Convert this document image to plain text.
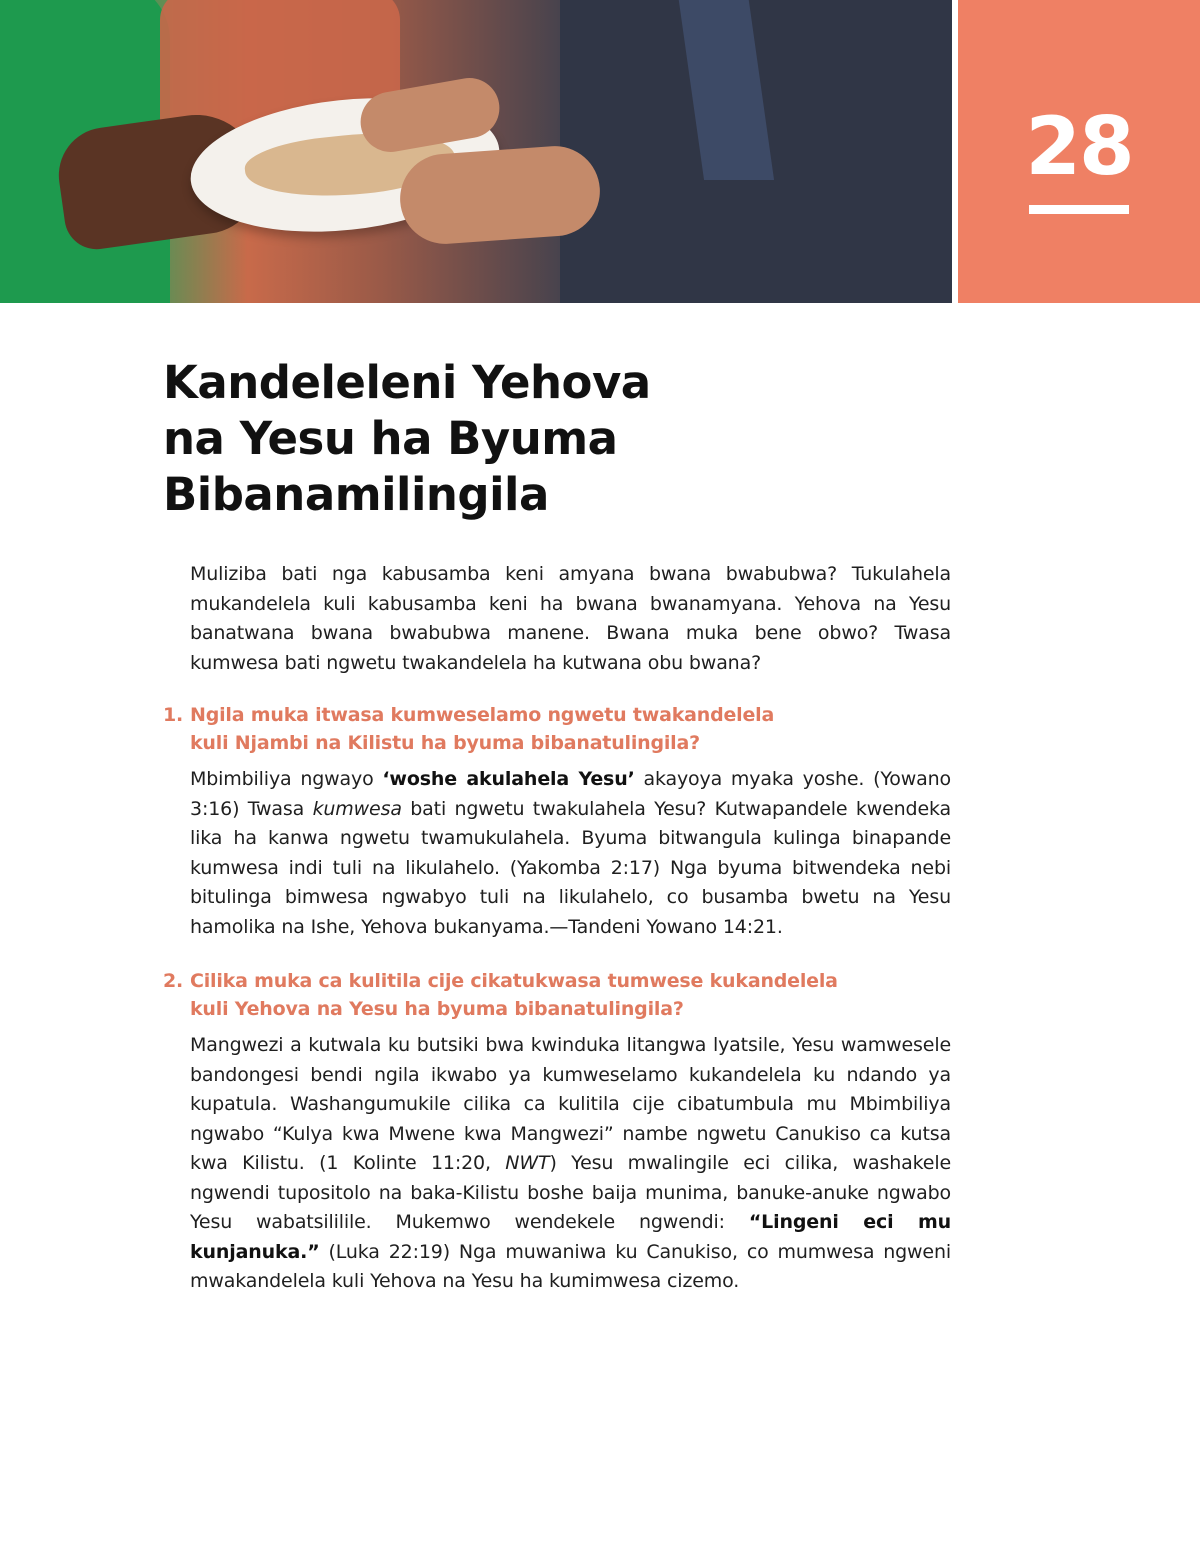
28
Kandeleleni Yehova
na Yesu ha Byuma
Bibanamilingila

Muliziba bati nga kabusamba keni amyana bwana bwabubwa? Tukulahela mukandelela kuli kabusamba keni ha bwana bwanamyana. Yehova na Yesu banatwana bwana bwabubwa manene. Bwana muka bene obwo? Twasa kumwesa bati ngwetu twakandelela ha kutwana obu bwana?

1. Ngila muka itwasa kumweselamo ngwetu twakandelela
kuli Njambi na Kilistu ha byuma bibanatulingila?

Mbimbiliya ngwayo ‘woshe akulahela Yesu’ akayoya myaka yoshe. (Yowano 3:16) Twasa kumwesa bati ngwetu twakulahela Yesu? Kutwapandele kwendeka lika ha kanwa ngwetu twamukulahela. Byuma bitwangula kulinga binapande kumwesa indi tuli na likulahelo. (Yakomba 2:17) Nga byuma bitwendeka nebi bitulinga bimwesa ngwabyo tuli na likulahelo, co busamba bwetu na Yesu hamolika na Ishe, Yehova bukanyama.—Tandeni Yowano 14:21.

2. Cilika muka ca kulitila cije cikatukwasa tumwese kukandelela
kuli Yehova na Yesu ha byuma bibanatulingila?

Mangwezi a kutwala ku butsiki bwa kwinduka litangwa lyatsile, Yesu wamwesele bandongesi bendi ngila ikwabo ya kumweselamo kukandelela ku ndando ya kupatula. Washangumukile cilika ca kulitila cije cibatumbula mu Mbimbiliya ngwabo “Kulya kwa Mwene kwa Mangwezi” nambe ngwetu Canukiso ca kutsa kwa Kilistu. (1 Kolinte 11:20, NWT) Yesu mwalingile eci cilika, washakele ngwendi tupositolo na baka-Kilistu boshe baija munima, banuke-anuke ngwabo Yesu wabatsililile. Mukemwo wendekele ngwendi: “Lingeni eci mu kunjanuka.” (Luka 22:19) Nga muwaniwa ku Canukiso, co mumwesa ngweni mwakandelela kuli Yehova na Yesu ha kumimwesa cizemo.
